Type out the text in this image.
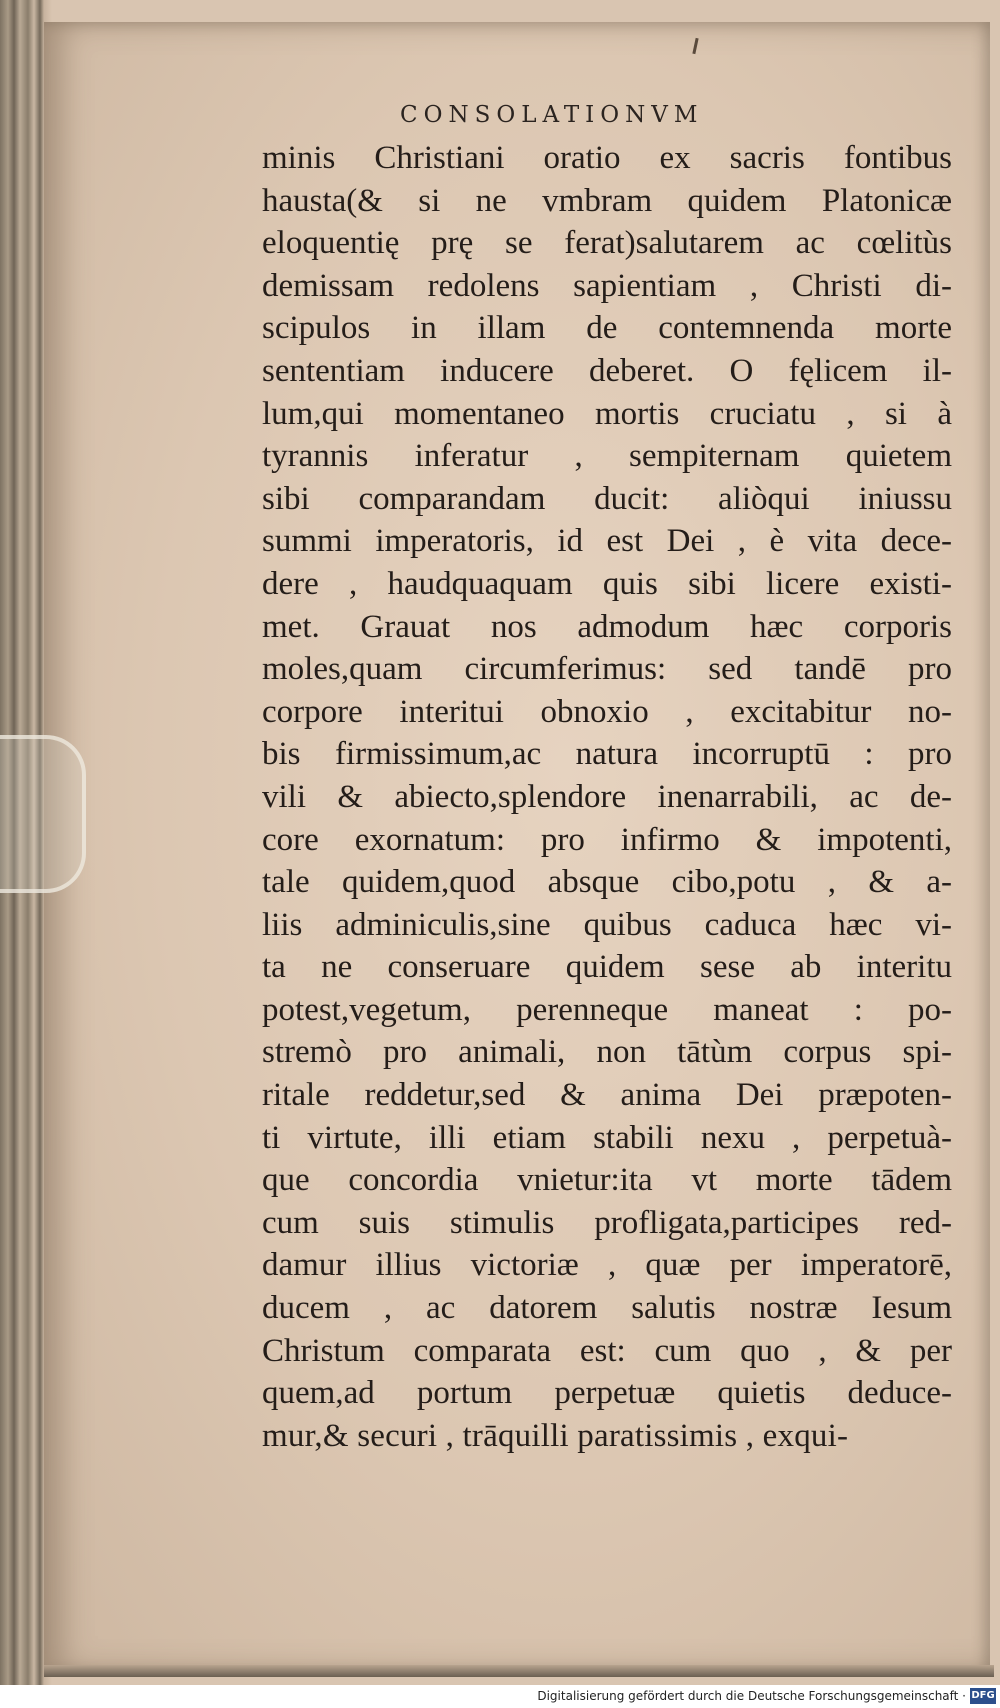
CONSOLATIONVM
minis Christiani oratio ex sacris fontibus
hausta(& si ne vmbram quidem Platonicæ
eloquentię prę se ferat)salutarem ac cœlitùs
demissam redolens sapientiam , Christi di-
scipulos in illam de contemnenda morte
sententiam inducere deberet. O fęlicem il-
lum,qui momentaneo mortis cruciatu , si à
tyrannis inferatur , sempiternam quietem
sibi comparandam ducit: aliòqui iniussu
summi imperatoris, id est Dei , è vita dece-
dere , haudquaquam quis sibi licere existi-
met. Grauat nos admodum hæc corporis
moles,quam circumferimus: sed tandē pro
corpore interitui obnoxio , excitabitur no-
bis firmissimum,ac natura incorruptū : pro
vili & abiecto,splendore inenarrabili, ac de-
core exornatum: pro infirmo & impotenti,
tale quidem,quod absque cibo,potu , & a-
liis adminiculis,sine quibus caduca hæc vi-
ta ne conseruare quidem sese ab interitu
potest,vegetum, perenneque maneat : po-
stremò pro animali, non tātùm corpus spi-
ritale reddetur,sed & anima Dei præpoten-
ti virtute, illi etiam stabili nexu , perpetuà-
que concordia vnietur:ita vt morte tādem
cum suis stimulis profligata,participes red-
damur illius victoriæ , quæ per imperatorē,
ducem , ac datorem salutis nostræ Iesum
Christum comparata est: cum quo , & per
quem,ad portum perpetuæ quietis deduce-
mur,& securi , trāquilli paratissimis , exqui-
Digitalisierung gefördert durch die Deutsche Forschungsgemeinschaft · DFG
